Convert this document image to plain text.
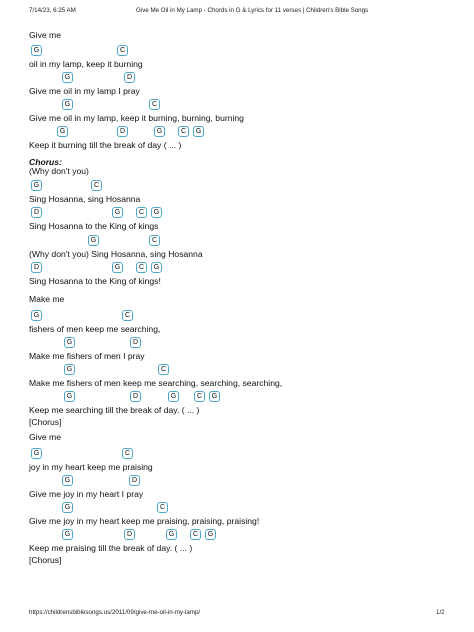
7/14/23, 6:25 AM	Give Me Oil in My Lamp - Chords in G & Lyrics for 11 verses | Children's Bible Songs
Give me
oil in my lamp, keep it burning
G	C
Give me oil in my lamp I pray
G	D
Give me oil in my lamp, keep it burning, burning, burning
G	C
Keep it burning till the break of day ( ... )
G	D	G	C	G
Chorus:
(Why don't you)
Sing Hosanna, sing Hosanna
G	C
Sing Hosanna to the King of kings
D	G	C	G
(Why don't you) Sing Hosanna, sing Hosanna
G	C
Sing Hosanna to the King of kings!
D	G	C	G
Make me
fishers of men keep me searching,
G	C
Make me fishers of men I pray
G	D
Make me fishers of men keep me searching, searching, searching,
G	C
Keep me searching till the break of day. ( ... )
G	D	G	C	G
[Chorus]
Give me
joy in my heart keep me praising
G	C
Give me joy in my heart I pray
G	D
Give me joy in my heart keep me praising, praising, praising!
G	C
Keep me praising till the break of day. ( ... )
G	D	G	C	G
[Chorus]
https://childrensbiblesongs.us/2011/09/give-me-oil-in-my-lamp/	1/2
